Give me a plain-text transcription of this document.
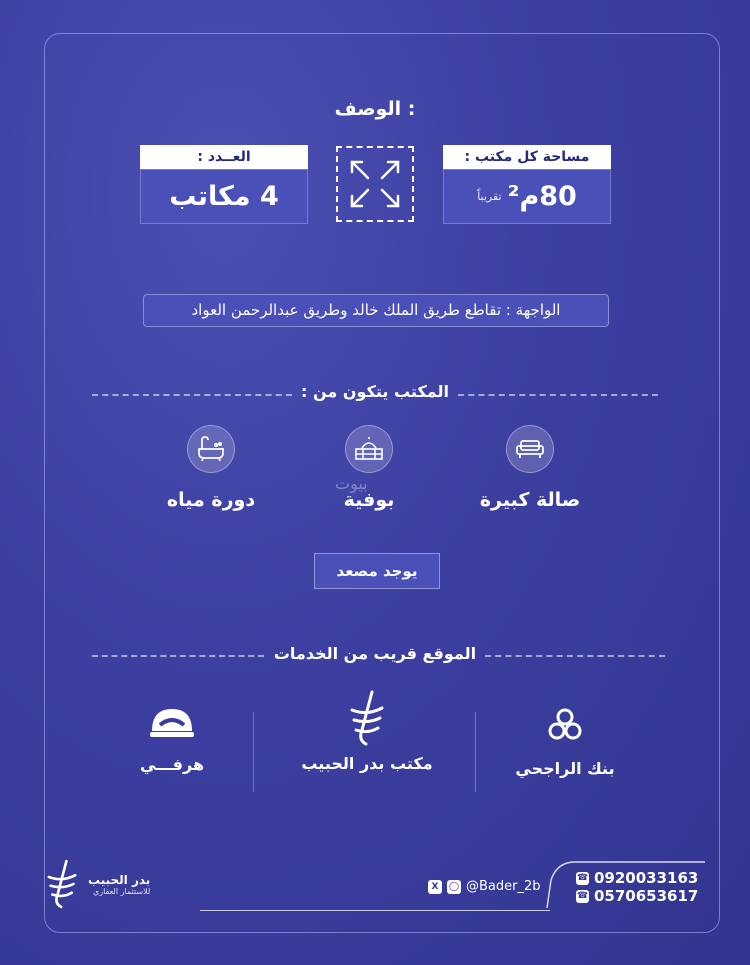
الوصف :
العــدد :
4 مكاتب
مساحة كل مكتب :
80م²
تقريباً
الواجهة : تقاطع طريق الملك خالد وطريق عبدالرحمن العواد
المكتب يتكون من :
صالة كبيرة
بوفية
دورة مياه
بيوت
يوجد مصعد
الموقع قريب من الخدمات
بنك الراجحي
مكتب بدر الحبيب
هرفـــي
☎ 0920033163
☎ 0570653617
X	◯ @Bader_2b
بدر الحبيب
للاستثمار العقاري
